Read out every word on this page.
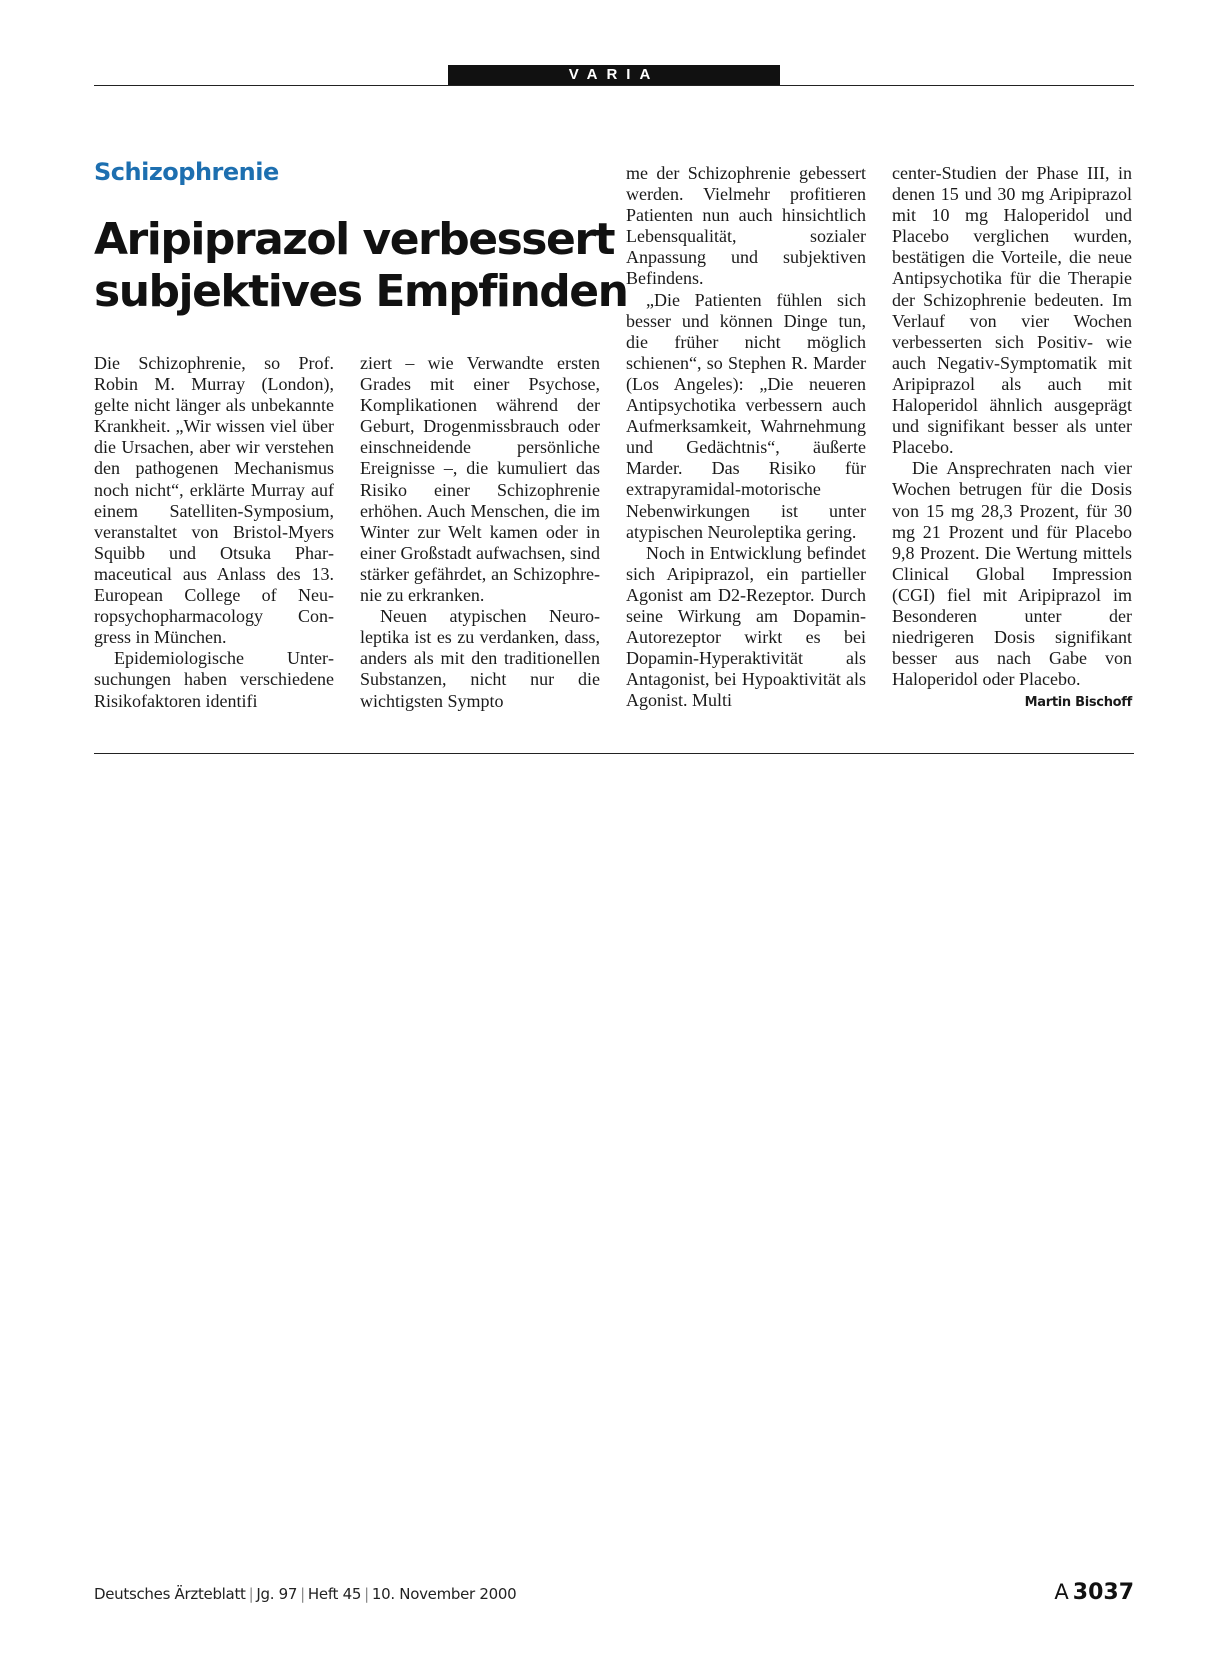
VARIA
Schizophrenie
Aripiprazol verbessert
subjektives Empfinden

Die Schizophrenie, so Prof. Robin M. Murray (London), gelte nicht länger als unbekannte Krankheit. „Wir wissen viel über die Ursachen, aber wir verstehen den pathogenen Mechanismus noch nicht“, erklärte Murray auf einem Satelliten-Symposium, veranstaltet von Bristol-Myers Squibb und Otsuka Pharmaceutical aus Anlass des 13. European College of Neuropsychopharmacology Congress in München.

Epidemiologische Untersuchungen haben verschiedene Risikofaktoren identifi

ziert – wie Verwandte ersten Grades mit einer Psychose, Komplikationen während der Geburt, Drogenmissbrauch oder einschneidende persönliche Ereignisse –, die kumuliert das Risiko einer Schizophrenie erhöhen. Auch Menschen, die im Winter zur Welt kamen oder in einer Großstadt aufwachsen, sind stärker gefährdet, an Schizophrenie zu erkranken.

Neuen atypischen Neuroleptika ist es zu verdanken, dass, anders als mit den traditionellen Substanzen, nicht nur die wichtigsten Sympto

me der Schizophrenie gebessert werden. Vielmehr profitieren Patienten nun auch hinsichtlich Lebensqualität, sozialer Anpassung und subjektiven Befindens.

„Die Patienten fühlen sich besser und können Dinge tun, die früher nicht möglich schienen“, so Stephen R. Marder (Los Angeles): „Die neueren Antipsychotika verbessern auch Aufmerksamkeit, Wahrnehmung und Gedächtnis“, äußerte Marder. Das Risiko für extrapyramidal-motorische Nebenwirkungen ist unter atypischen Neuroleptika gering.

Noch in Entwicklung befindet sich Aripiprazol, ein partieller Agonist am D2-Rezeptor. Durch seine Wirkung am Dopamin-Autorezeptor wirkt es bei Dopamin-Hyperaktivität als Antagonist, bei Hypoaktivität als Agonist. Multi

center-Studien der Phase III, in denen 15 und 30 mg Aripiprazol mit 10 mg Haloperidol und Placebo verglichen wurden, bestätigen die Vorteile, die neue Antipsychotika für die Therapie der Schizophrenie bedeuten. Im Verlauf von vier Wochen verbesserten sich Positiv- wie auch Negativ-Symptomatik mit Aripiprazol als auch mit Haloperidol ähnlich ausgeprägt und signifikant besser als unter Placebo.

Die Ansprechraten nach vier Wochen betrugen für die Dosis von 15 mg 28,3 Prozent, für 30 mg 21 Prozent und für Placebo 9,8 Prozent. Die Wertung mittels Clinical Global Impression (CGI) fiel mit Aripiprazol im Besonderen unter der niedrigeren Dosis signifikant besser aus nach Gabe von Haloperidol oder Placebo.
Martin Bischoff

Deutsches Ärzteblatt | Jg. 97 | Heft 45 | 10. November 2000	A 3037
